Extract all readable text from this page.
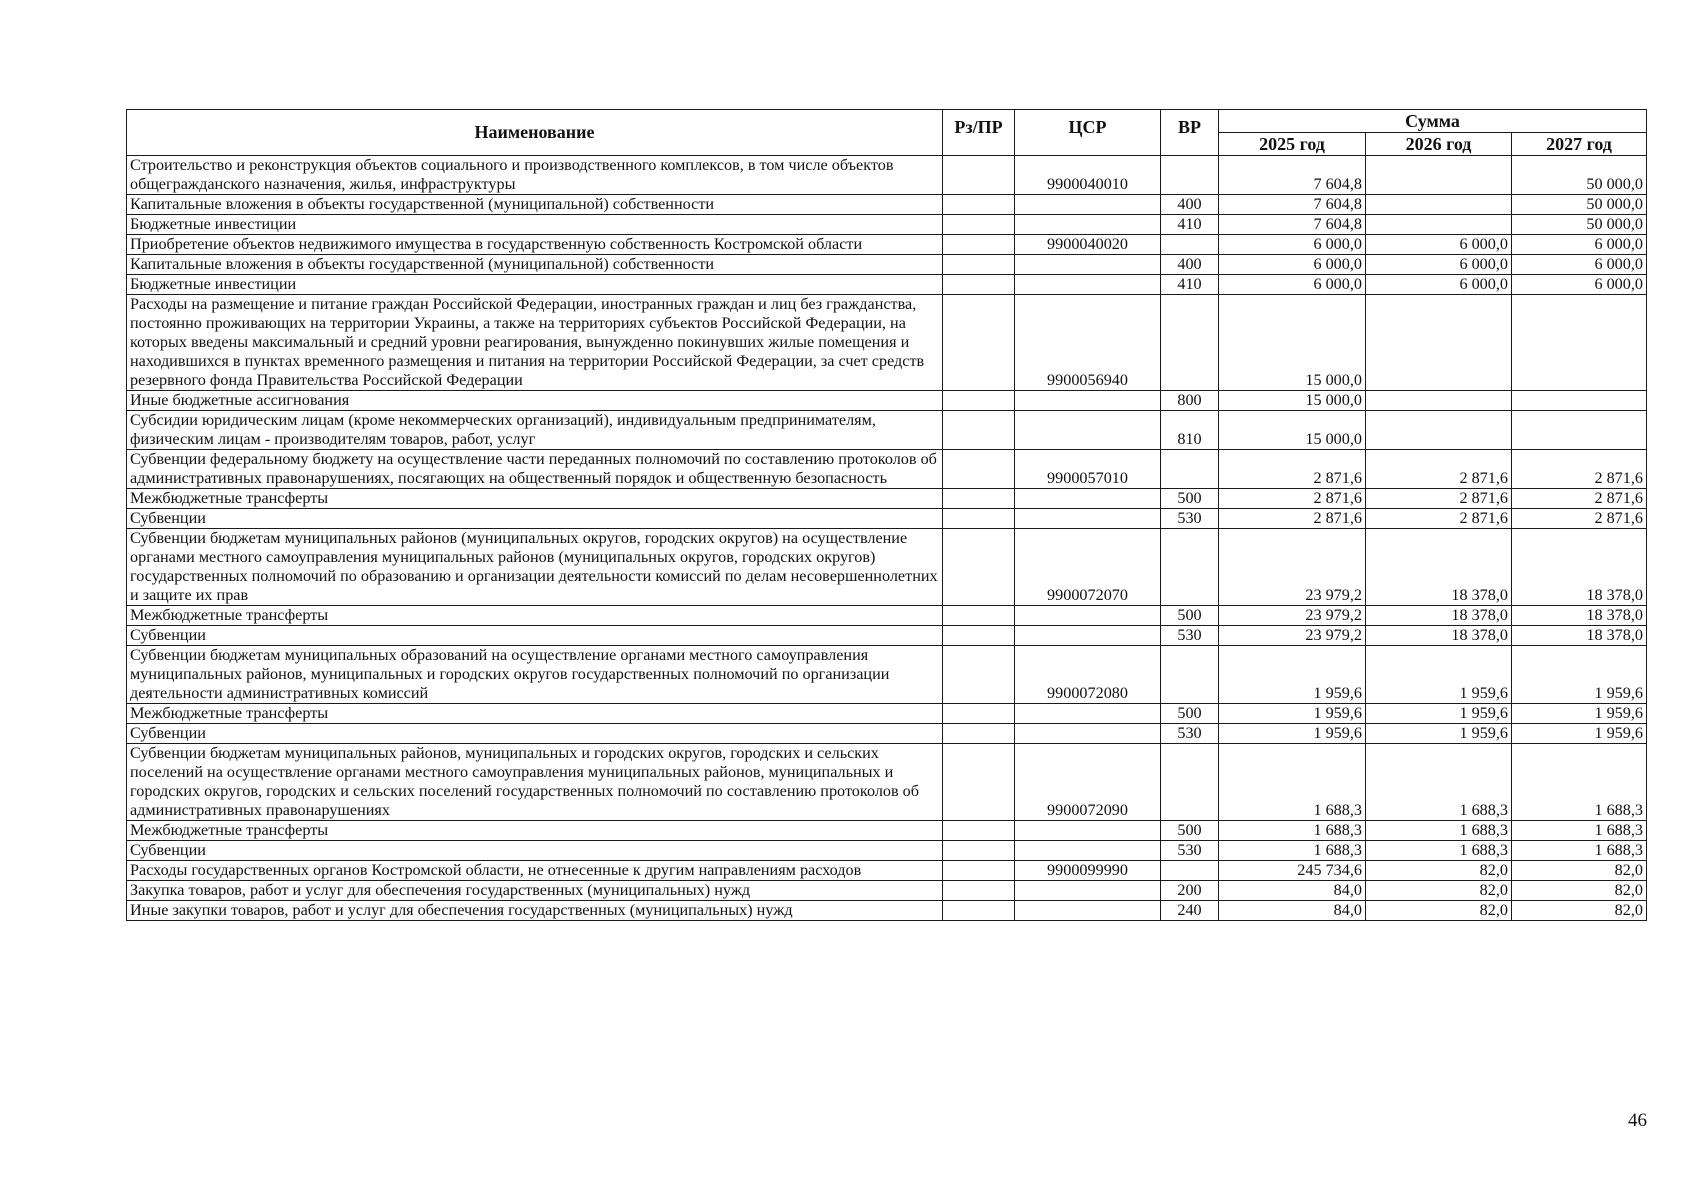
Наименование	Рз/ПР	ЦСР	ВР	Сумма		
				2025 год	2026 год	2027 год
Строительство и реконструкция объектов социального и производственного комплексов, в том числе объектов общегражданского назначения, жилья, инфраструктуры		9900040010		7 604,8		50 000,0
Капитальные вложения в объекты государственной (муниципальной) собственности			400	7 604,8		50 000,0
Бюджетные инвестиции			410	7 604,8		50 000,0
Приобретение объектов недвижимого имущества в государственную собственность Костромской области		9900040020		6 000,0	6 000,0	6 000,0
Капитальные вложения в объекты государственной (муниципальной) собственности			400	6 000,0	6 000,0	6 000,0
Бюджетные инвестиции			410	6 000,0	6 000,0	6 000,0
Расходы на размещение и питание граждан Российской Федерации, иностранных граждан и лиц без гражданства, постоянно проживающих на территории Украины, а также на территориях субъектов Российской Федерации, на которых введены максимальный и средний уровни реагирования, вынужденно покинувших жилые помещения и находившихся в пунктах временного размещения и питания на территории Российской Федерации, за счет средств резервного фонда Правительства Российской Федерации		9900056940		15 000,0		
Иные бюджетные ассигнования			800	15 000,0		
Субсидии юридическим лицам (кроме некоммерческих организаций), индивидуальным предпринимателям, физическим лицам - производителям товаров, работ, услуг			810	15 000,0		
Субвенции федеральному бюджету на осуществление части переданных полномочий по составлению протоколов об административных правонарушениях, посягающих на общественный порядок и общественную безопасность		9900057010		2 871,6	2 871,6	2 871,6
Межбюджетные трансферты			500	2 871,6	2 871,6	2 871,6
Субвенции			530	2 871,6	2 871,6	2 871,6
Субвенции бюджетам муниципальных районов (муниципальных округов, городских округов) на осуществление органами местного самоуправления муниципальных районов (муниципальных округов, городских округов) государственных полномочий по образованию и организации деятельности комиссий по делам несовершеннолетних и защите их прав		9900072070		23 979,2	18 378,0	18 378,0
Межбюджетные трансферты			500	23 979,2	18 378,0	18 378,0
Субвенции			530	23 979,2	18 378,0	18 378,0
Субвенции бюджетам муниципальных образований на осуществление органами местного самоуправления муниципальных районов, муниципальных и городских округов государственных полномочий по организации деятельности административных комиссий		9900072080		1 959,6	1 959,6	1 959,6
Межбюджетные трансферты			500	1 959,6	1 959,6	1 959,6
Субвенции			530	1 959,6	1 959,6	1 959,6
Субвенции бюджетам муниципальных районов, муниципальных и городских округов, городских и сельских поселений на осуществление органами местного самоуправления муниципальных районов, муниципальных и городских округов, городских и сельских поселений государственных полномочий по составлению протоколов об административных правонарушениях		9900072090		1 688,3	1 688,3	1 688,3
Межбюджетные трансферты			500	1 688,3	1 688,3	1 688,3
Субвенции			530	1 688,3	1 688,3	1 688,3
Расходы государственных органов Костромской области, не отнесенные к другим направлениям расходов		9900099990		245 734,6	82,0	82,0
Закупка товаров, работ и услуг для обеспечения государственных (муниципальных) нужд			200	84,0	82,0	82,0
Иные закупки товаров, работ и услуг для обеспечения государственных (муниципальных) нужд			240	84,0	82,0	82,0
46
